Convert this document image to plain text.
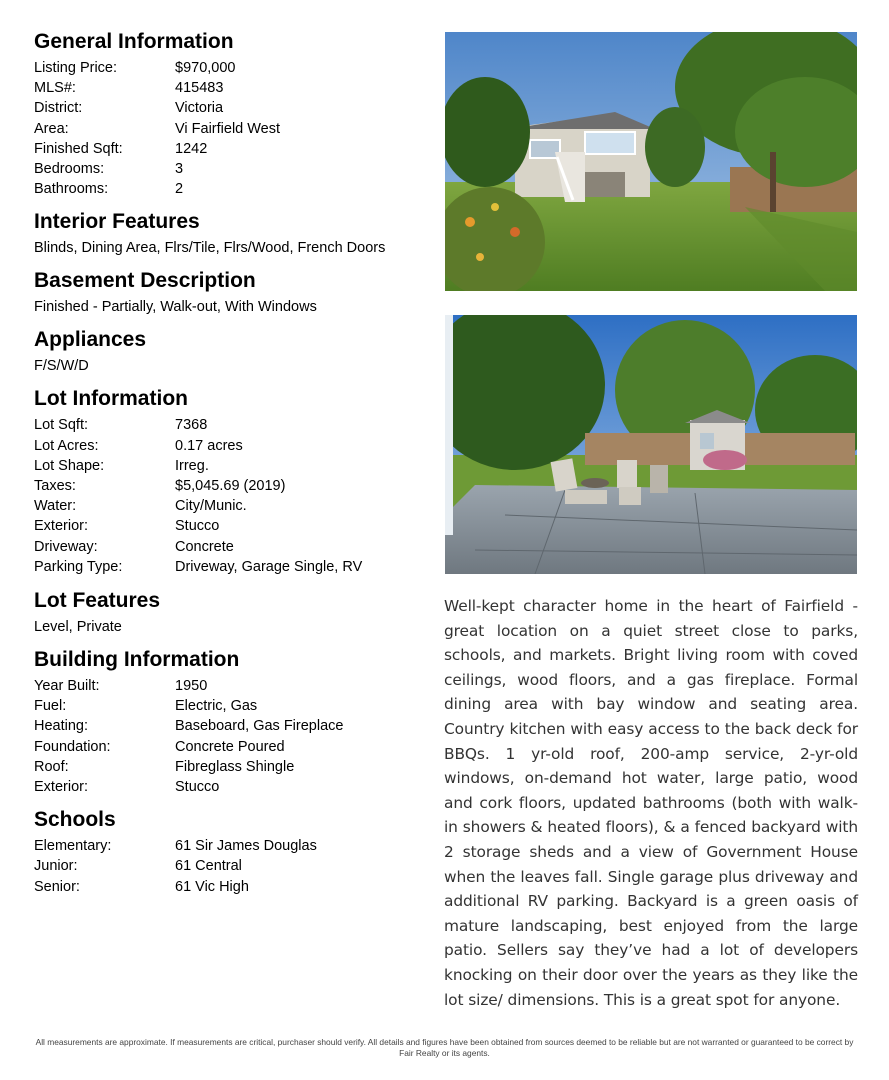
General Information
Listing Price:	$970,000
MLS#:	415483
District:	Victoria
Area:	Vi Fairfield West
Finished Sqft:	1242
Bedrooms:	3
Bathrooms:	2
Interior Features
Blinds, Dining Area, Flrs/Tile, Flrs/Wood, French Doors
Basement Description
Finished - Partially, Walk-out, With Windows
Appliances
F/S/W/D
Lot Information
Lot Sqft:	7368
Lot Acres:	0.17 acres
Lot Shape:	Irreg.
Taxes:	$5,045.69 (2019)
Water:	City/Munic.
Exterior:	Stucco
Driveway:	Concrete
Parking Type:	Driveway, Garage Single, RV
Lot Features
Level, Private
Building Information
Year Built:	1950
Fuel:	Electric, Gas
Heating:	Baseboard, Gas Fireplace
Foundation:	Concrete Poured
Roof:	Fibreglass Shingle
Exterior:	Stucco
Schools
Elementary:	61 Sir James Douglas
Junior:	61 Central
Senior:	61 Vic High
Well-kept character home in the heart of Fairfield - great location on a quiet street close to parks, schools, and markets. Bright living room with coved ceilings, wood floors, and a gas fireplace. Formal dining area with bay window and seating area. Country kitchen with easy access to the back deck for BBQs. 1 yr-old roof, 200-amp service, 2-yr-old windows, on-demand hot water, large patio, wood and cork floors, updated bathrooms (both with walk-in showers & heated floors), & a fenced backyard with 2 storage sheds and a view of Government House when the leaves fall. Single garage plus driveway and additional RV parking. Backyard is a green oasis of mature landscaping, best enjoyed from the large patio. Sellers say they’ve had a lot of developers knocking on their door over the years as they like the lot size/ dimensions. This is a great spot for anyone.
All measurements are approximate. If measurements are critical, purchaser should verify. All details and figures have been obtained from sources deemed to be reliable but are not warranted or guaranteed to be correct by Fair Realty or its agents.
